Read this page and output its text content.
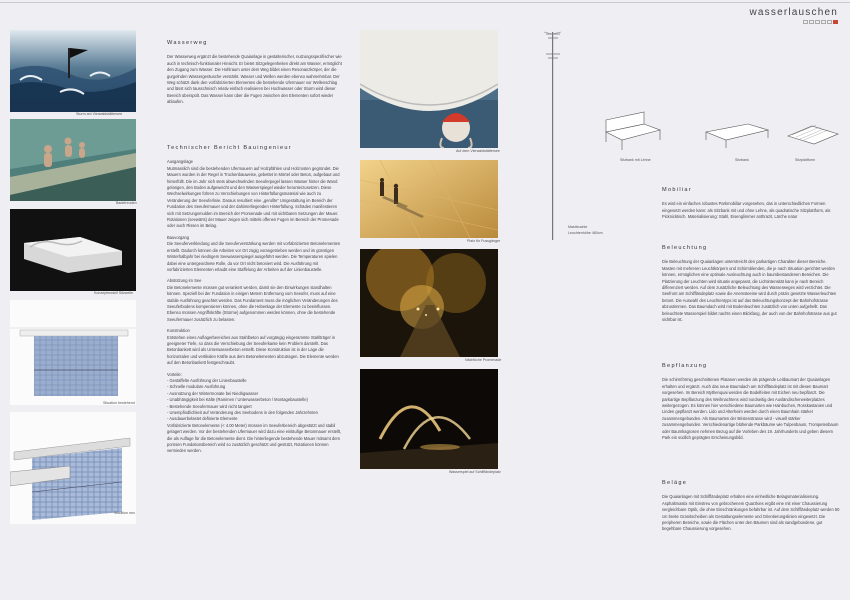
wasserlauschen
Sturm am Vierwaldstättersee
Badefreuden
Konzeptmodell Sitzwelle
Situation bestehend
Situation neu
Wasserweg

Der Wasserweg ergänzt die bestehende Quaianlage in gestalterischer, nutzungsspezifischer wie auch in technisch-funktionaler Hinsicht. Er bietet Sitzgelegenheiten direkt am Wasser, ermöglicht den Zugang zum Wasser. Die Hohlraum unter dem Weg bildet einen Resonanzkörper, der die gurgelnden Wassergeräusche verstärkt. Wasser und Wellen werden ebenso wahrnehmbar. Der Weg schützt dank den vorfabrizierten Elementen die bestehende Ufermauer vor Wellenschlag und lässt sich tausschnisch relativ einfach realisieren bei Hochwasser oder Sturm wird dieser Bereich überspült. Das Wasser kann über die Fugen zwischen den Elementen sofort wieder ablaufen.

Technischer Bericht Bauingenieur
Ausgangslage

Mutmasslich sind die bestehenden Ufermauern auf Holzpfählen und Holzrosten gegründet. Die Mauern wurden in der Regel in Trockenbauweise, gebettet in Mörtel oder Beton, aufgebaut und hinterfüllt. Die im Jahr sich stets abwechselnden Seeuferpegel lassen Wasser hinter die Wand gelangen, den Boden aufgeweicht und den Wasserspiegel wieder herunterzusetzen. Diese Wechselwirkungen führen zu Verschiebungen von Hinterfüllungsmaterial wie auch zu Veränderung der Seeuferlinie. Daraus resultiert eine „gerollte“ Umgestaltung im Bereich der Fundation des Seeufermauer und der dahinterliegenden Hinterfüllung. Schäden manifestieren sich mit Setzungsmulden im Bereich der Promenade und mit sichtbaren Setzungen der Mauer. Rotationen (seewärts) der Mauer zeigen sich mittels offenen Fugen im Bereich der Promenade oder auch Rissen im Belag.

Bauvorgang

Die Seeuferverkleidung und die Seeuferverstärkung werden mit vorfabrizierten Betonelementen erstellt. Dadurch können die Arbeiten vor Ort zügig vorangetrieben werden und im günstigen Winterhalbjahr bei niedrigem Seewasserspiegel ausgeführt werden. Die Temperaturen spielen dabei eine untergeordnete Rolle, da vor Ort nicht betoniert wird. Die Ausführung mit vorfabrizierten Elementen erlaubt eine Staffelung der Arbeiten auf der Linienbaustelle.

Abstützung im See

Die Betonelemente müssen gut verankert werden, damit sie den Einwirkungen standhalten können. Speziell bei der Fundation in einigen Metern Entfernung vom Seeufer, muss auf eine stabile Ausführung geachtet werden. Das Fundament muss die möglichen Veränderungen des Seeuferbodens kompensieren können, ohne die Hebenlage der Elemente zu beeinflussen. Ebenso müssen Angriffskräfte (Stürme) aufgenommen werden können, ohne die bestehende Seeufermauer zusätzlich zu belasten.

Konstruktion

Entstehen eines Auflagerbereiches aus Stahlbeton auf vorgängig eingerammte Stahlträger in geeigneter Tiefe, so dass die Verschiebung der Seeuferkante kein Problem darstellt. Das Betonbankett wird als Unterwasserbeton erstellt. Diese Konstruktion ist in der Lage die horizontalen und vertikalen Kräfte aus dem Betonelementen abzutragen. Die Elemente werden auf den Betonbankett festgeschraubt.

Vorteile:
- Gestaffelte Ausführung der Linienbaustelle
- Schnelle modulare Ausführung
- Ausnützung der Wintermonate bei Niedrigwasser
- Unabhängigkeit bei Kälte (Rammen / Unterwasserbeton / Montagebaustelle)
- Bestehende Seeufermauer wird nicht tangiert
- Unempfindlichkeit auf Veränderung des Seebodens in den folgenden Jahrzehnten
- Ausdauerbelastet definierte Elemente

Vorfabrizierte Betonelemente (< 4.00 Meter) müssen im Seeuferbereich abgestützt und stabil gelagert werden. Vor der bestehenden Ufermauer wird dazu eine einläufige Betonmauer erstellt, die als Auflage für die Betonelemente dient. Die hinterliegende bestehende Mauer mitsamt dem porösen Fundationsbereich wird so zusätzlich geschützt und gestützt, Rotationen können vermieden werden.

Auf dem Vierwaldstättersee
Platz für Fussgänger
Nächtliche Promenade
Wasserspiel auf Schiffländeplatz
Mastleuchte
Leuchtenhöhe 460cm
Sitzbank mit Lehne	Sitzbank	Sitzplattform
Mobiliar

Es wird ein einfaches robustes Parkmobiliar vorgesehen, das in unterschiedlichen Formen eingesetzt werden kann: als Sitzbank mit und ohne Lehne, als quadratische Sitzplattform, als Picknicktisch. Materialisierung: Stahl, Eisenglimmer anthrazit, Lärche natur

Beleuchtung

Die Beleuchtung der Quaianlagen unterstreicht den parkartigen Charakter dieser Bereiche. Masten mit mehreren Leuchtkörpern und Schirmblenden, die je nach Situation gerichtet werden können, ermöglichen eine optimale Ausleuchtung auch in baumbestandenen Bereichen. Die Platzierung der Leuchten wird situativ angepasst, die Lichtintensität kann je nach Bereich differenziert werden. Auf dem zusätzliche Beleuchtung des Wasserweges wird verzichtet. Die Seefront am Schiffländeplatz sowie die Anemsteeine wird durch präzis gesetzte Wasserleuchten betont. Die Auswahl des Leuchtentyps ist auf das Beleuchtungskonzept der Bahnhofstrasse abzustimmen. Das Baumdach wird mit Bodenleuchten zusätzlich von unten aufgehellt. Das beleuchtete Wasserspiel bildet nachts einen Blickfang, der auch von der Bahnhofstrasse aus gut sichtbar ist.

Bepflanzung

Die schirmförmig geschnittenen Platanen werden als prägende Leitbaumart der Quaianlagen erhalten und ergänzt. Auch das neue Baumdach am Schiffländeplatz ist mit diesen Baumart vorgesehen. Im Bereich Mythenquai werden die Bodelfeiten mit Eichen neu bepflanzt. Die parkartige Bepflanzung des Weihnachtens wird nordseitig des Ausländischerweiterplatzes weitergezogen. Es können hier verschiedene Baumarten wie Hainbuchen, Rosskastanien und Linden gepflanzt werden. Lido und Alterheim werden durch einen Baumhain stärker zusammengebunden. Als Baumarten der Bristenstrasse wird - visuell stärker zusammengebunden. Verschiedenartige blühende Parkbäume wie Tulpenbaum, Trompetenbaum oder Baumhagrosen nehmen Bezug auf die Vorleben des 19. Jahrhunderts und geben diesem Park ein südlich geprägtes Erscheinungsbild.

Beläge

Die Quaianlagen mit Schiffländeplatz erhalten eine einheitliche Belagsmaterialisierung. Asphaltmastix mit Einstreu von gebrochenem Quarzkies ergibt eine mit einer Chaussierung vergleichbare Optik, die ohne Einschränkungen befahrbar ist. Auf dem Schiffländeplatz werden 50 cm breite Granitscheiben als Gestaltungselemente und Orientierungslinien eingesetzt. Die peripheren Bereiche, sowie die Flächen unter den Bäumen sind als sandgebundene, gut begehbare Chaussierung vorgesehen.
